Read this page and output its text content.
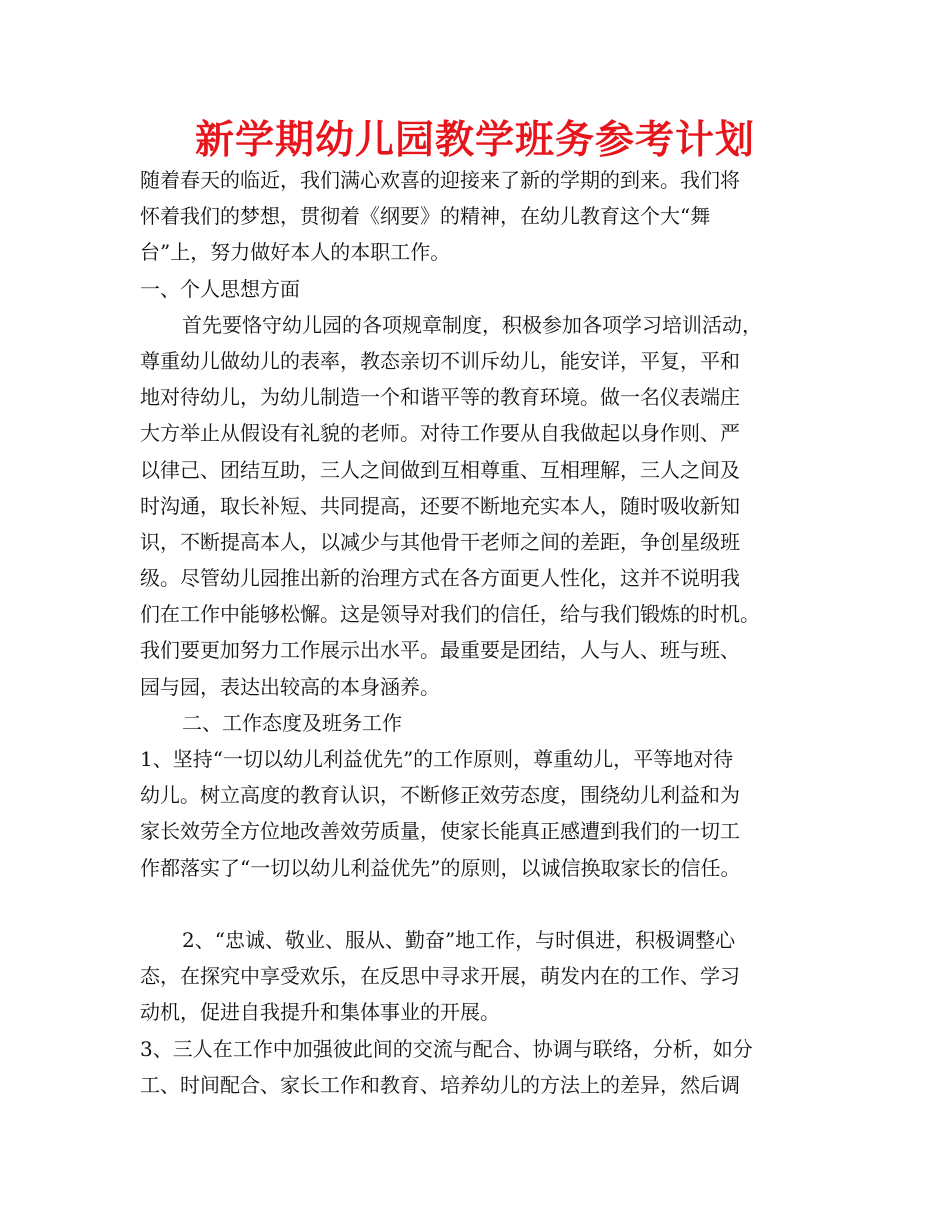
新学期幼儿园教学班务参考计划
随着春天的临近，我们满心欢喜的迎接来了新的学期的到来。我们将
怀着我们的梦想，贯彻着《纲要》的精神，在幼儿教育这个大“舞
台”上，努力做好本人的本职工作。
一、个人思想方面
首先要恪守幼儿园的各项规章制度，积极参加各项学习培训活动，
尊重幼儿做幼儿的表率，教态亲切不训斥幼儿，能安详，平复，平和
地对待幼儿，为幼儿制造一个和谐平等的教育环境。做一名仪表端庄
大方举止从假设有礼貌的老师。对待工作要从自我做起以身作则、严
以律己、团结互助，三人之间做到互相尊重、互相理解，三人之间及
时沟通，取长补短、共同提高，还要不断地充实本人，随时吸收新知
识，不断提高本人，以减少与其他骨干老师之间的差距，争创星级班
级。尽管幼儿园推出新的治理方式在各方面更人性化，这并不说明我
们在工作中能够松懈。这是领导对我们的信任，给与我们锻炼的时机。
我们要更加努力工作展示出水平。最重要是团结，人与人、班与班、
园与园，表达出较高的本身涵养。
二、工作态度及班务工作
1、坚持“一切以幼儿利益优先”的工作原则，尊重幼儿，平等地对待
幼儿。树立高度的教育认识，不断修正效劳态度，围绕幼儿利益和为
家长效劳全方位地改善效劳质量，使家长能真正感遭到我们的一切工
作都落实了“一切以幼儿利益优先”的原则，以诚信换取家长的信任。
2、“忠诚、敬业、服从、勤奋”地工作，与时俱进，积极调整心
态，在探究中享受欢乐，在反思中寻求开展，萌发内在的工作、学习
动机，促进自我提升和集体事业的开展。
3、三人在工作中加强彼此间的交流与配合、协调与联络，分析，如分
工、时间配合、家长工作和教育、培养幼儿的方法上的差异，然后调
